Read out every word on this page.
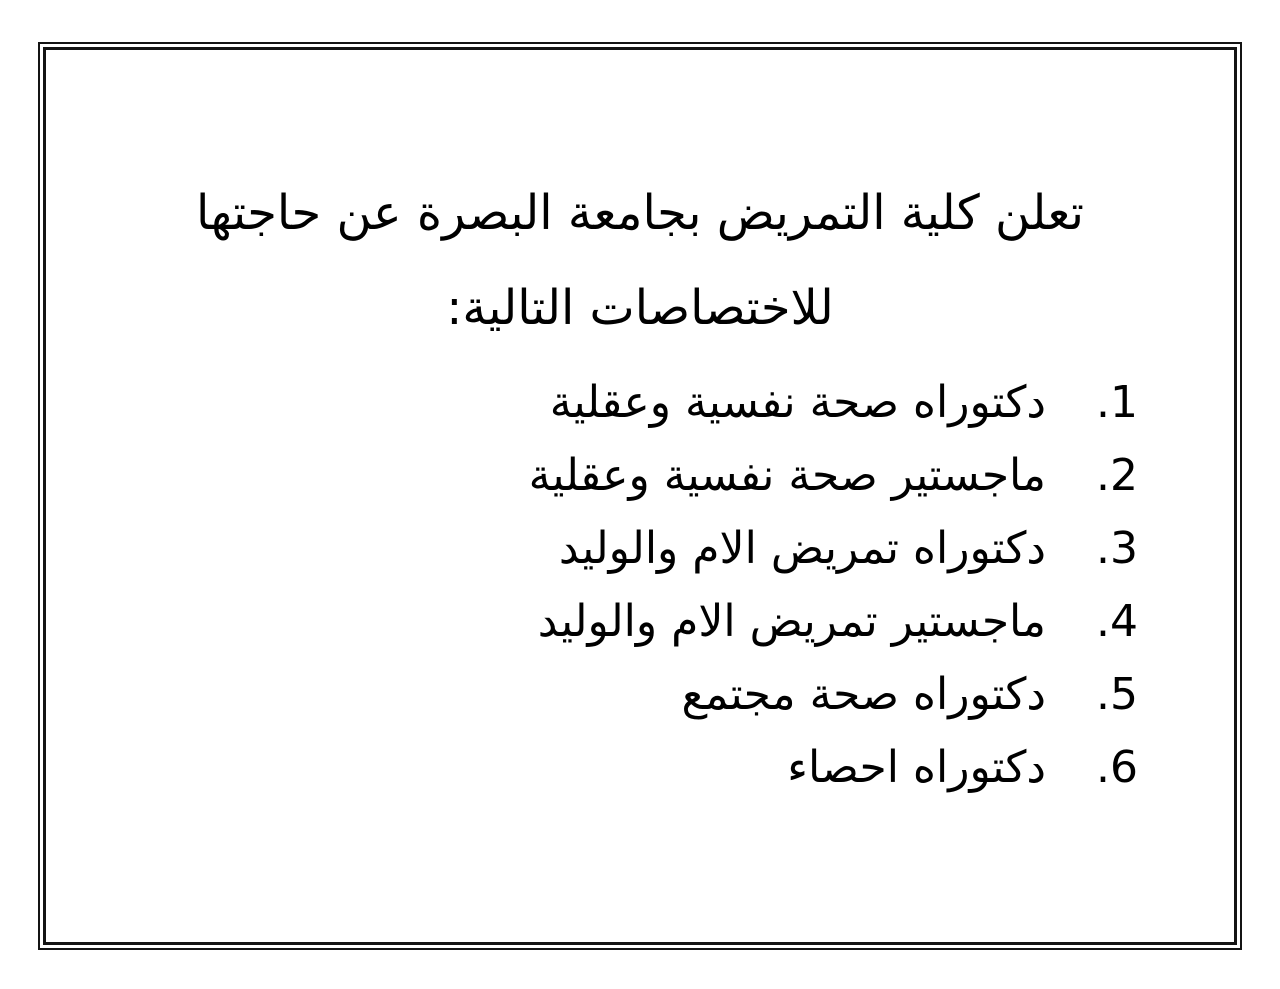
تعلن كلية التمريض بجامعة البصرة عن حاجتها
للاختصاصات التالية:
1.
دكتوراه صحة نفسية وعقلية
2.
ماجستير صحة نفسية وعقلية
3.
دكتوراه تمريض الام والوليد
4.
ماجستير تمريض الام والوليد
5.
دكتوراه صحة مجتمع
6.
دكتوراه احصاء
